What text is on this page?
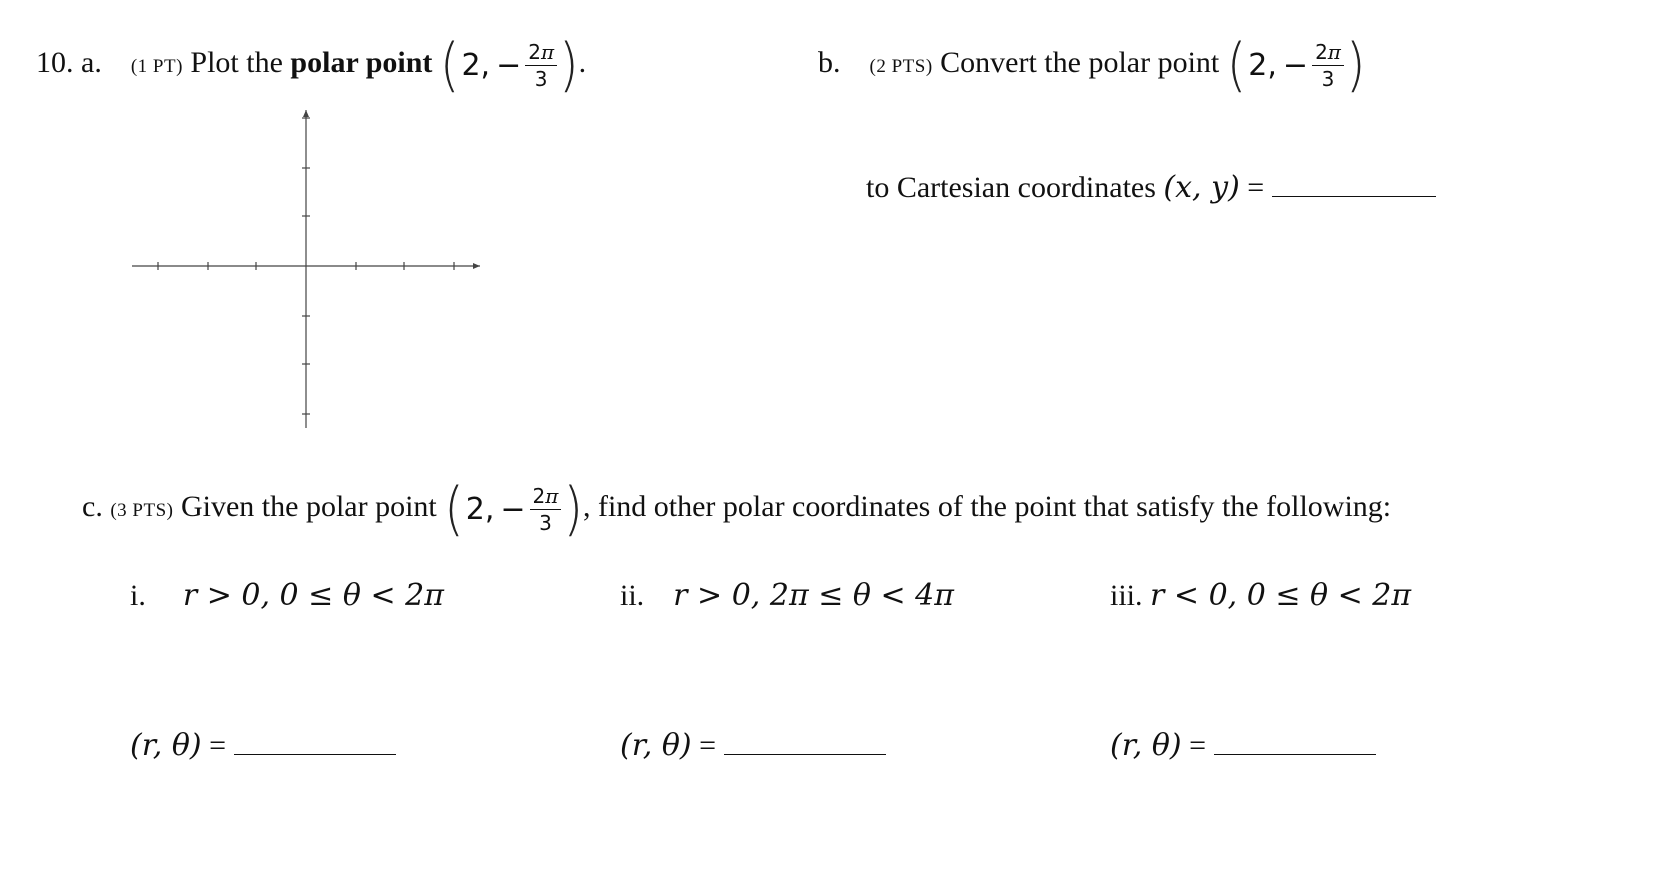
10. a. (1 PT) Plot the polar point ( 2, − $\frac{2\pi}{3}$ ) .	b. (2 PTS) Convert the polar point ( 2, − $\frac{2\pi}{3}$ )
to Cartesian coordinates (x, y) =
c. (3 PTS) Given the polar point ( 2, − $\frac{2\pi}{3}$ ) , find other polar coordinates of the point that satisfy the following:
i. r > 0, 0 ≤ θ < 2π	ii. r > 0, 2π ≤ θ < 4π	iii. r < 0, 0 ≤ θ < 2π
(r, θ) =	(r, θ) =	(r, θ) =
